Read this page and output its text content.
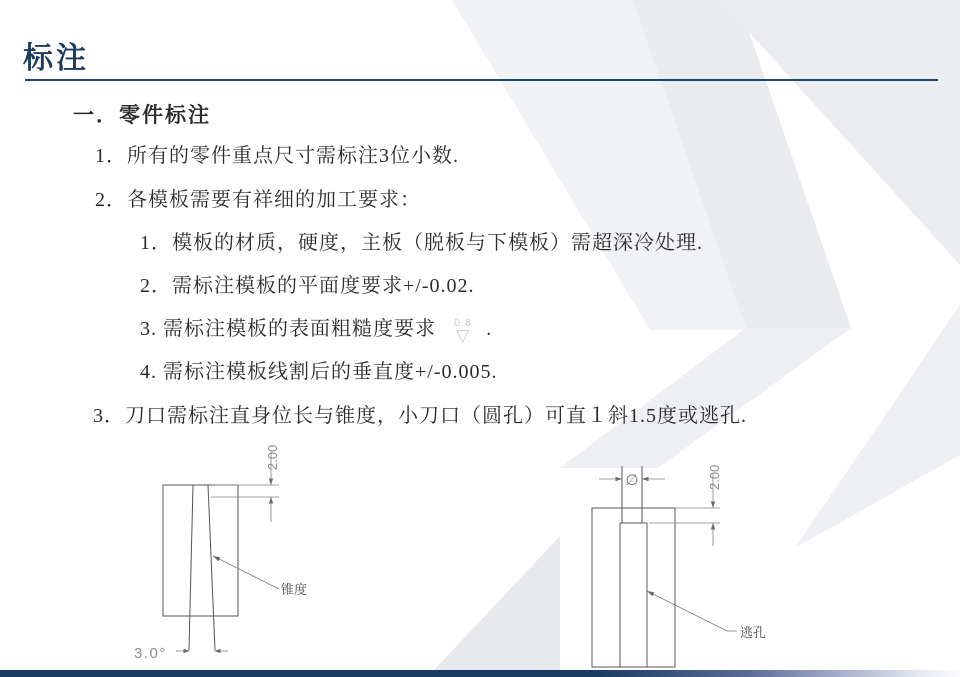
标注
一．零件标注
1．所有的零件重点尺寸需标注3位小数.
2．各模板需要有祥细的加工要求：
1．模板的材质，硬度，主板（脱板与下模板）需超深冷处理.
2．需标注模板的平面度要求+/-0.02.
3. 需标注模板的表面粗糙度要求 0.8
▽ .
4. 需标注模板线割后的垂直度+/-0.005.
3．刀口需标注直身位长与锥度，小刀口（圆孔）可直１斜1.5度或逃孔.
2.00
锥度
3.0°
∅	2.00
逃孔
